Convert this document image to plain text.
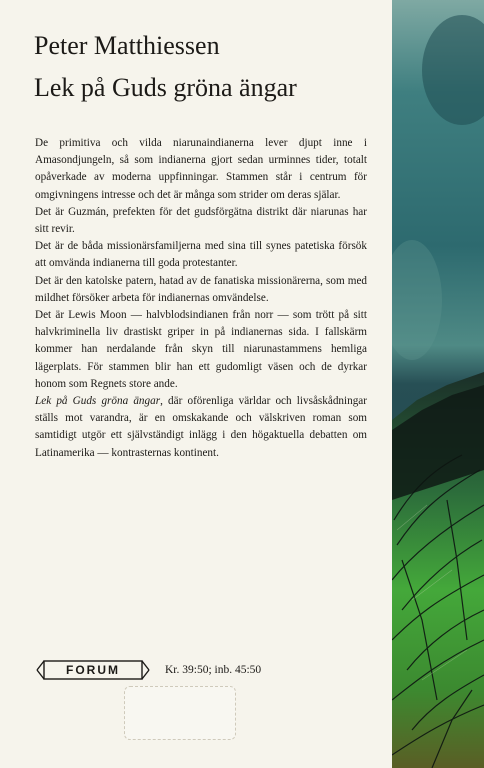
Peter Matthiessen
Lek på Guds gröna ängar

De primitiva och vilda niarunaindianerna lever djupt inne i Amasondjungeln, så som indianerna gjort sedan urminnes tider, totalt opåverkade av moderna uppfinningar. Stammen står i centrum för omgivningens intresse och det är många som strider om deras själar.

Det är Guzmán, prefekten för det gudsförgätna distrikt där niarunas har sitt revir.

Det är de båda missionärsfamiljerna med sina till synes patetiska försök att omvända indianerna till goda protestanter.

Det är den katolske patern, hatad av de fanatiska missionärerna, som med mildhet försöker arbeta för indianernas omvändelse.

Det är Lewis Moon — halvblodsindianen från norr — som trött på sitt halvkriminella liv drastiskt griper in på indianernas sida. I fallskärm kommer han nerdalande från skyn till niarunastammens hemliga lägerplats. För stammen blir han ett gudomligt väsen och de dyrkar honom som Regnets store ande.

Lek på Guds gröna ängar, där oförenliga världar och livsåskådningar ställs mot varandra, är en omskakande och välskriven roman som samtidigt utgör ett självständigt inlägg i den högaktuella debatten om Latinamerika — kontrasternas kontinent.

FORUM	Kr. 39:50; inb. 45:50
